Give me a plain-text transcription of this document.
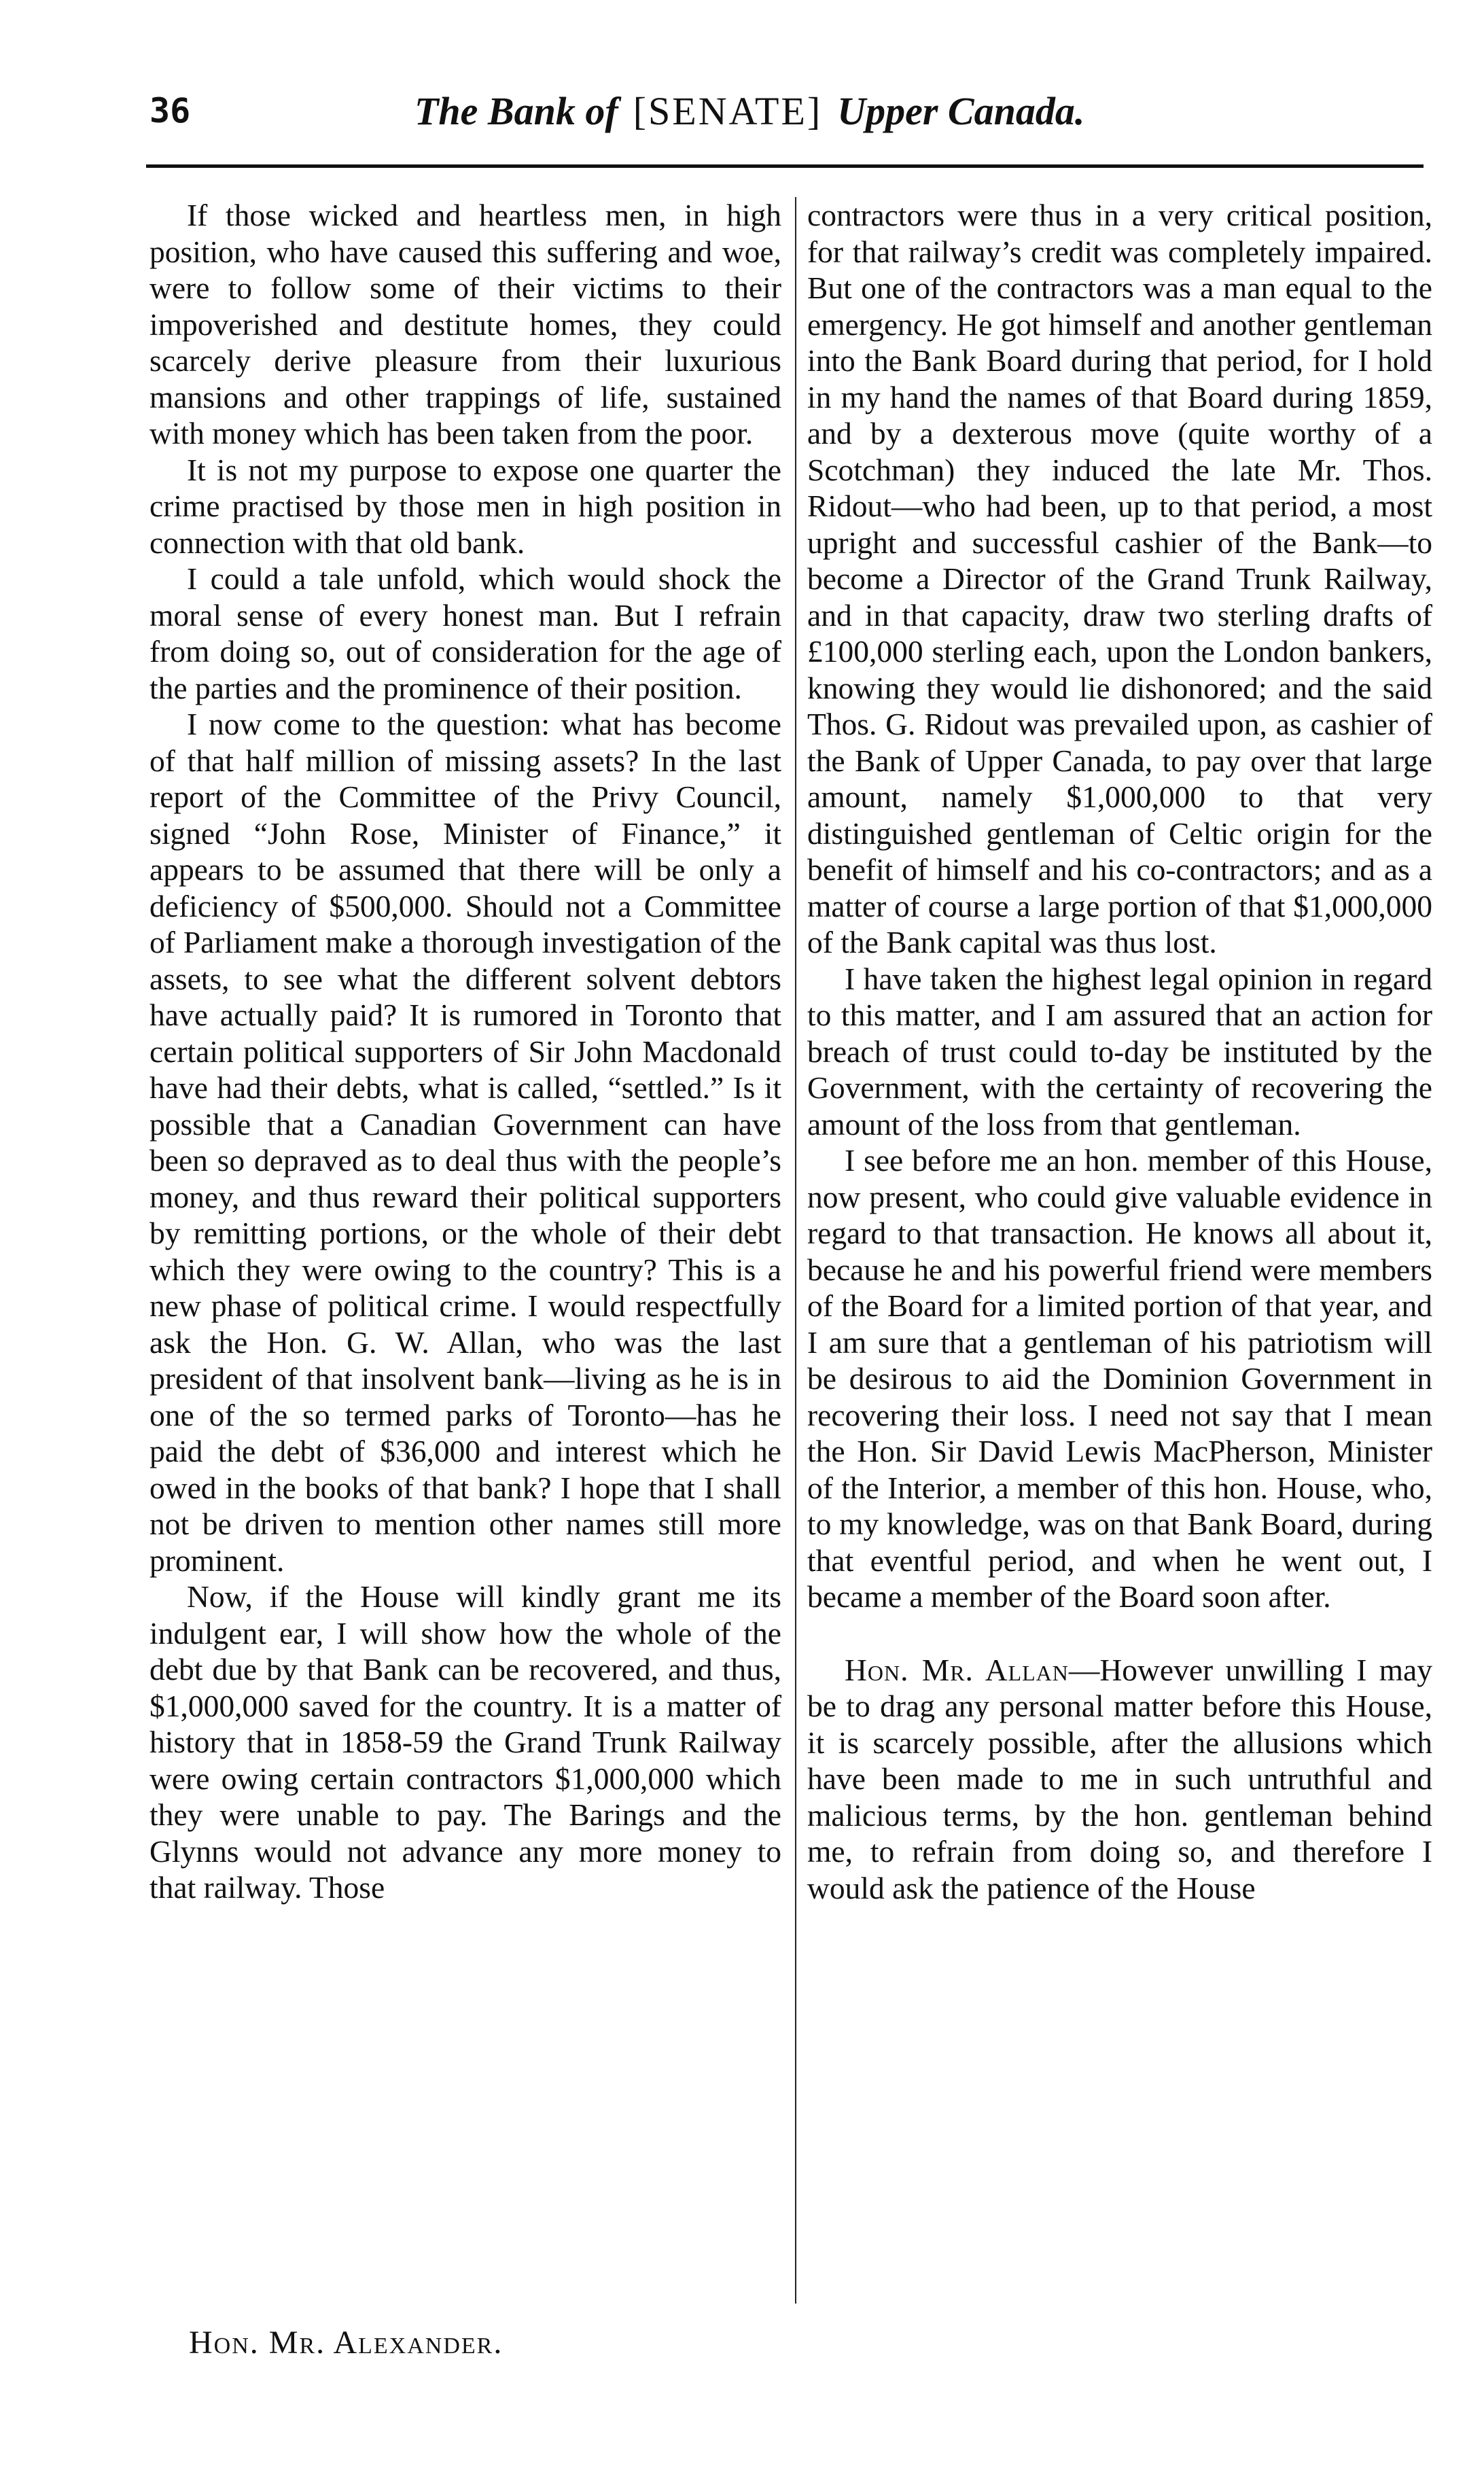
36	The Bank of [SENATE] Upper Canada.

If those wicked and heartless men, in high position, who have caused this suffering and woe, were to follow some of their victims to their impoverished and destitute homes, they could scarcely derive pleasure from their luxurious mansions and other trappings of life, sustained with money which has been taken from the poor.

It is not my purpose to expose one quarter the crime practised by those men in high position in connection with that old bank.

I could a tale unfold, which would shock the moral sense of every honest man. But I refrain from doing so, out of consideration for the age of the parties and the prominence of their position.

I now come to the question: what has become of that half million of missing assets? In the last report of the Committee of the Privy Council, signed “John Rose, Minister of Finance,” it appears to be assumed that there will be only a deficiency of $500,000. Should not a Committee of Parliament make a thorough investigation of the assets, to see what the different solvent debtors have actually paid? It is rumored in Toronto that certain political supporters of Sir John Macdonald have had their debts, what is called, “settled.” Is it possible that a Canadian Government can have been so depraved as to deal thus with the people’s money, and thus reward their political supporters by remitting portions, or the whole of their debt which they were owing to the country? This is a new phase of political crime. I would respectfully ask the Hon. G. W. Allan, who was the last president of that insolvent bank—living as he is in one of the so termed parks of Toronto—has he paid the debt of $36,000 and interest which he owed in the books of that bank? I hope that I shall not be driven to mention other names still more prominent.

Now, if the House will kindly grant me its indulgent ear, I will show how the whole of the debt due by that Bank can be recovered, and thus, $1,000,000 saved for the country. It is a matter of history that in 1858-59 the Grand Trunk Railway were owing certain contractors $1,000,000 which they were unable to pay. The Barings and the Glynns would not advance any more money to that railway. Those

contractors were thus in a very critical position, for that railway’s credit was completely impaired. But one of the contractors was a man equal to the emergency. He got himself and another gentleman into the Bank Board during that period, for I hold in my hand the names of that Board during 1859, and by a dexterous move (quite worthy of a Scotchman) they induced the late Mr. Thos. Ridout—who had been, up to that period, a most upright and successful cashier of the Bank—to become a Director of the Grand Trunk Railway, and in that capacity, draw two sterling drafts of £100,000 sterling each, upon the London bankers, knowing they would lie dishonored; and the said Thos. G. Ridout was prevailed upon, as cashier of the Bank of Upper Canada, to pay over that large amount, namely $1,000,000 to that very distinguished gentleman of Celtic origin for the benefit of himself and his co-contractors; and as a matter of course a large portion of that $1,000,000 of the Bank capital was thus lost.

I have taken the highest legal opinion in regard to this matter, and I am assured that an action for breach of trust could to-day be instituted by the Government, with the certainty of recovering the amount of the loss from that gentleman.

I see before me an hon. member of this House, now present, who could give valuable evidence in regard to that transaction. He knows all about it, because he and his powerful friend were members of the Board for a limited portion of that year, and I am sure that a gentleman of his patriotism will be desirous to aid the Dominion Government in recovering their loss. I need not say that I mean the Hon. Sir David Lewis MacPherson, Minister of the Interior, a member of this hon. House, who, to my knowledge, was on that Bank Board, during that eventful period, and when he went out, I became a member of the Board soon after.

Hon. Mr. Allan—However unwilling I may be to drag any personal matter before this House, it is scarcely possible, after the allusions which have been made to me in such untruthful and malicious terms, by the hon. gentleman behind me, to refrain from doing so, and therefore I would ask the patience of the House

Hon. Mr. Alexander.
